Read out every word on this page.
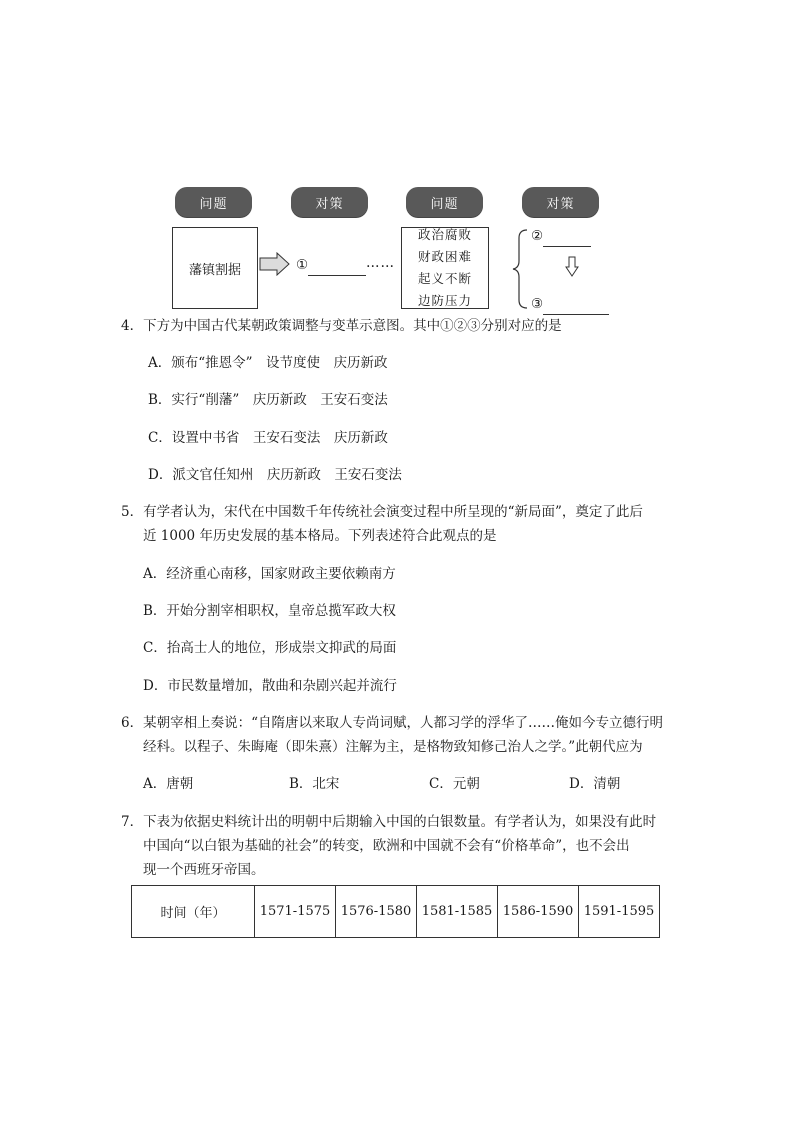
问题	对策	问题	对策
藩镇割据	①	……
政治腐败
财政困难
起义不断
边防压力
②
③
4．下方为中国古代某朝政策调整与变革示意图。其中①②③分别对应的是
A．颁布“推恩令”　设节度使　庆历新政
B．实行“削藩”　庆历新政　王安石变法
C．设置中书省　王安石变法　庆历新政
D．派文官任知州　庆历新政　王安石变法
5．有学者认为，宋代在中国数千年传统社会演变过程中所呈现的“新局面”，奠定了此后
近 1000 年历史发展的基本格局。下列表述符合此观点的是
A．经济重心南移，国家财政主要依赖南方
B．开始分割宰相职权，皇帝总揽军政大权
C．抬高士人的地位，形成崇文抑武的局面
D．市民数量增加，散曲和杂剧兴起并流行
6．某朝宰相上奏说：“自隋唐以来取人专尚词赋，人都习学的浮华了……俺如今专立德行明
经科。以程子、朱晦庵（即朱熹）注解为主，是格物致知修己治人之学。”此朝代应为
A．唐朝	B．北宋	C．元朝	D．清朝
7．下表为依据史料统计出的明朝中后期输入中国的白银数量。有学者认为，如果没有此时
中国向“以白银为基础的社会”的转变，欧洲和中国就不会有“价格革命”，也不会出
现一个西班牙帝国。
时间（年）	1571-1575	1576-1580	1581-1585	1586-1590	1591-1595
